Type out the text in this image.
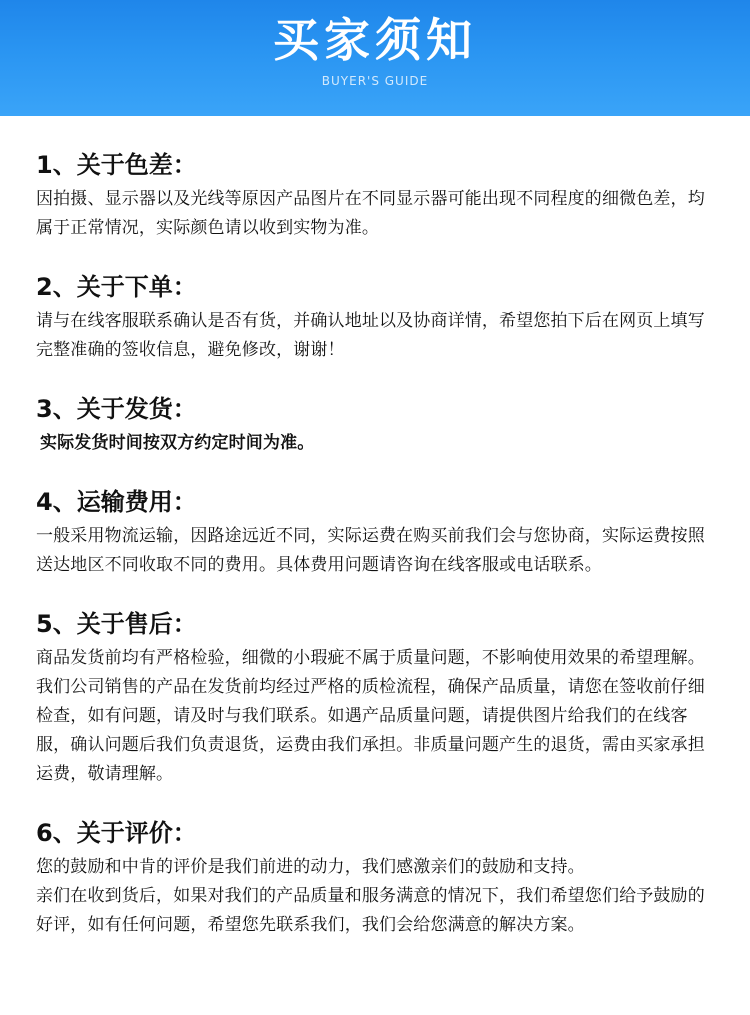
买家须知
BUYER'S GUIDE
1、关于色差：

因拍摄、显示器以及光线等原因产品图片在不同显示器可能出现不同程度的细微色差，均属于正常情况，实际颜色请以收到实物为准。

2、关于下单：

请与在线客服联系确认是否有货，并确认地址以及协商详情，希望您拍下后在网页上填写完整准确的签收信息，避免修改，谢谢！

3、关于发货：

实际发货时间按双方约定时间为准。

4、运输费用：

一般采用物流运输，因路途远近不同，实际运费在购买前我们会与您协商，实际运费按照送达地区不同收取不同的费用。具体费用问题请咨询在线客服或电话联系。

5、关于售后：

商品发货前均有严格检验，细微的小瑕疵不属于质量问题，不影响使用效果的希望理解。我们公司销售的产品在发货前均经过严格的质检流程，确保产品质量，请您在签收前仔细检查，如有问题，请及时与我们联系。如遇产品质量问题，请提供图片给我们的在线客服，确认问题后我们负责退货，运费由我们承担。非质量问题产生的退货，需由买家承担运费，敬请理解。

6、关于评价：

您的鼓励和中肯的评价是我们前进的动力，我们感激亲们的鼓励和支持。

亲们在收到货后，如果对我们的产品质量和服务满意的情况下，我们希望您们给予鼓励的好评，如有任何问题，希望您先联系我们，我们会给您满意的解决方案。
